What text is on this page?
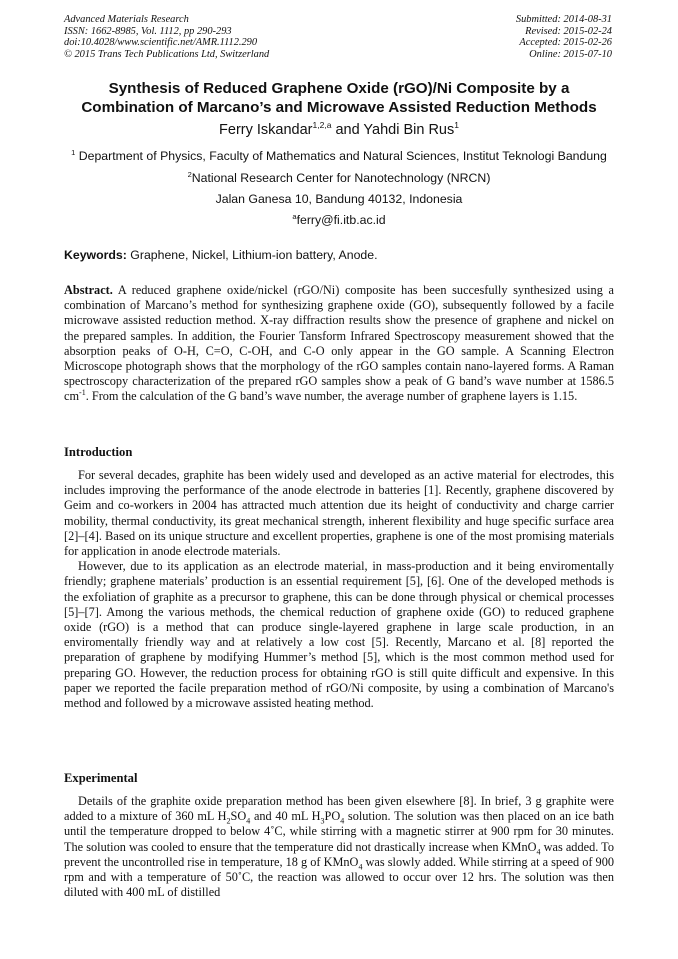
Advanced Materials Research
ISSN: 1662-8985, Vol. 1112, pp 290-293
doi:10.4028/www.scientific.net/AMR.1112.290
© 2015 Trans Tech Publications Ltd, Switzerland
Submitted: 2014-08-31
Revised: 2015-02-24
Accepted: 2015-02-26
Online: 2015-07-10
Synthesis of Reduced Graphene Oxide (rGO)/Ni Composite by a
Combination of Marcano’s and Microwave Assisted Reduction Methods
Ferry Iskandar$^{1,2,a}$ and Yahdi Bin Rus$^1$
$^1$ Department of Physics, Faculty of Mathematics and Natural Sciences, Institut Teknologi Bandung
$^2$National Research Center for Nanotechnology (NRCN)
Jalan Ganesa 10, Bandung 40132, Indonesia
$^a$ferry@fi.itb.ac.id
Keywords: Graphene, Nickel, Lithium-ion battery, Anode.

Abstract. A reduced graphene oxide/nickel (rGO/Ni) composite has been succesfully synthesized using a combination of Marcano’s method for synthesizing graphene oxide (GO), subsequently followed by a facile microwave assisted reduction method. X-ray diffraction results show the presence of graphene and nickel on the prepared samples. In addition, the Fourier Tansform Infrared Spectroscopy measurement showed that the absorption peaks of O-H, C=O, C-OH, and C-O only appear in the GO sample. A Scanning Electron Microscope photograph shows that the morphology of the rGO samples contain nano-layered forms. A Raman spectroscopy characterization of the prepared rGO samples show a peak of G band’s wave number at 1586.5 $cm^{-1}$. From the calculation of the G band’s wave number, the average number of graphene layers is 1.15.

Introduction

For several decades, graphite has been widely used and developed as an active material for electrodes, this includes improving the performance of the anode electrode in batteries [1]. Recently, graphene discovered by Geim and co-workers in 2004 has attracted much attention due its height of conductivity and charge carrier mobility, thermal conductivity, its great mechanical strength, inherent flexibility and huge specific surface area [2]–[4]. Based on its unique structure and excellent properties, graphene is one of the most promising materials for application in anode electrode materials.

However, due to its application as an electrode material, in mass-production and it being enviromentally friendly; graphene materials’ production is an essential requirement [5], [6]. One of the developed methods is the exfoliation of graphite as a precursor to graphene, this can be done through physical or chemical processes [5]–[7]. Among the various methods, the chemical reduction of graphene oxide (GO) to reduced graphene oxide (rGO) is a method that can produce single-layered graphene in large scale production, in an enviromentally friendly way and at relatively a low cost [5]. Recently, Marcano et al. [8] reported the preparation of graphene by modifying Hummer’s method [5], which is the most common method used for preparing GO. However, the reduction process for obtaining rGO is still quite difficult and expensive. In this paper we reported the facile preparation method of rGO/Ni composite, by using a combination of Marcano's method and followed by a microwave assisted heating method.

Experimental

Details of the graphite oxide preparation method has been given elsewhere [8]. In brief, 3 g graphite were added to a mixture of 360 mL $H_2SO_4$ and 40 mL $H_3PO_4$ solution. The solution was then placed on an ice bath until the temperature dropped to below 4˚C, while stirring with a magnetic stirrer at 900 rpm for 30 minutes. The solution was cooled to ensure that the temperature did not drastically increase when KMnO$_4$ was added. To prevent the uncontrolled rise in temperature, 18 g of KMnO$_4$ was slowly added. While stirring at a speed of 900 rpm and with a temperature of 50˚C, the reaction was allowed to occur over 12 hrs. The solution was then diluted with 400 mL of distilled
